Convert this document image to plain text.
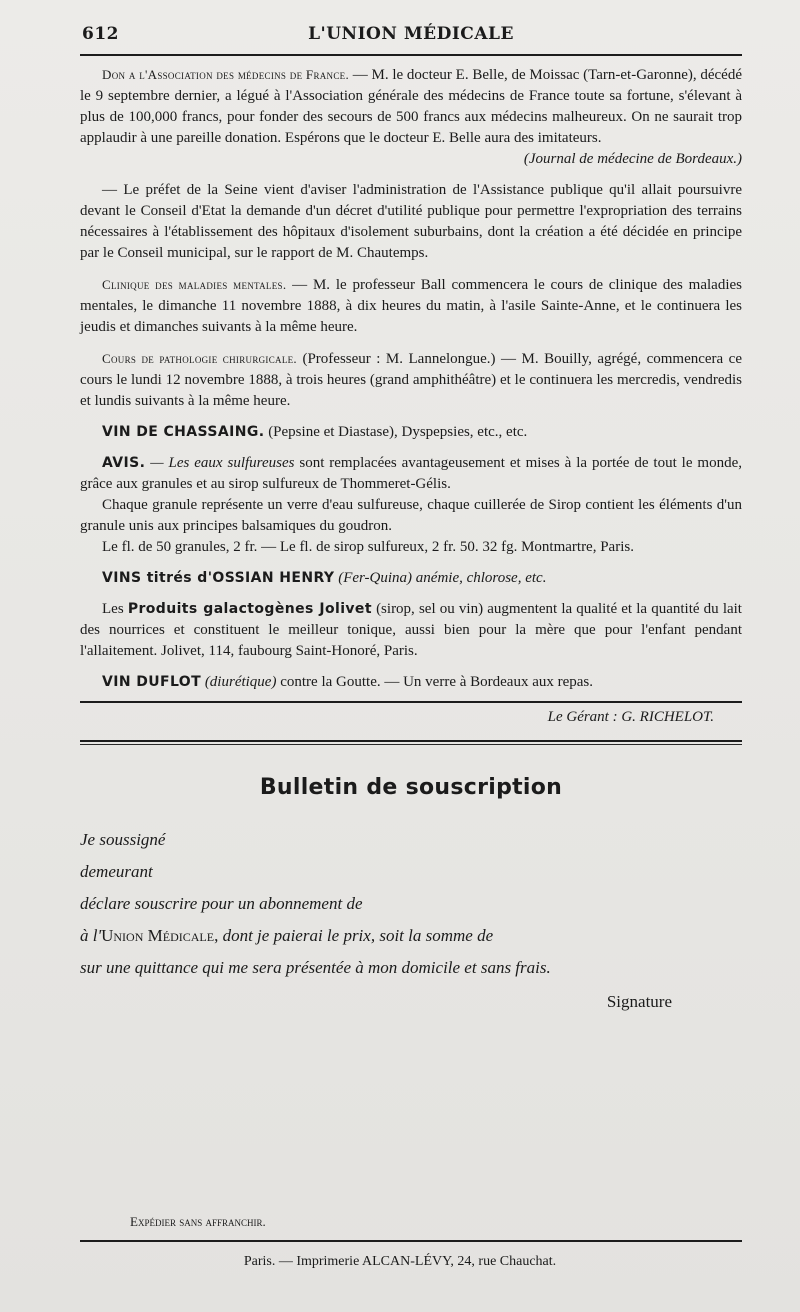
612	L'UNION MÉDICALE

Don a l'Association des médecins de France. — M. le docteur E. Belle, de Moissac (Tarn-et-Garonne), décédé le 9 septembre dernier, a légué à l'Association générale des médecins de France toute sa fortune, s'élevant à plus de 100,000 francs, pour fonder des secours de 500 francs aux médecins malheureux. On ne saurait trop applaudir à une pareille donation. Espérons que le docteur E. Belle aura des imitateurs.

(Journal de médecine de Bordeaux.)

— Le préfet de la Seine vient d'aviser l'administration de l'Assistance publique qu'il allait poursuivre devant le Conseil d'Etat la demande d'un décret d'utilité publique pour permettre l'expropriation des terrains nécessaires à l'établissement des hôpitaux d'isolement suburbains, dont la création a été décidée en principe par le Conseil municipal, sur le rapport de M. Chautemps.

Clinique des maladies mentales. — M. le professeur Ball commencera le cours de clinique des maladies mentales, le dimanche 11 novembre 1888, à dix heures du matin, à l'asile Sainte-Anne, et le continuera les jeudis et dimanches suivants à la même heure.

Cours de pathologie chirurgicale. (Professeur : M. Lannelongue.) — M. Bouilly, agrégé, commencera ce cours le lundi 12 novembre 1888, à trois heures (grand amphithéâtre) et le continuera les mercredis, vendredis et lundis suivants à la même heure.

VIN DE CHASSAING. (Pepsine et Diastase), Dyspepsies, etc., etc.

AVIS. — Les eaux sulfureuses sont remplacées avantageusement et mises à la portée de tout le monde, grâce aux granules et au sirop sulfureux de Thommeret-Gélis.

Chaque granule représente un verre d'eau sulfureuse, chaque cuillerée de Sirop contient les éléments d'un granule unis aux principes balsamiques du goudron.

Le fl. de 50 granules, 2 fr. — Le fl. de sirop sulfureux, 2 fr. 50. 32 fg. Montmartre, Paris.

VINS titrés d'OSSIAN HENRY (Fer-Quina) anémie, chlorose, etc.

Les Produits galactogènes Jolivet (sirop, sel ou vin) augmentent la qualité et la quantité du lait des nourrices et constituent le meilleur tonique, aussi bien pour la mère que pour l'enfant pendant l'allaitement. Jolivet, 114, faubourg Saint-Honoré, Paris.

VIN DUFLOT (diurétique) contre la Goutte. — Un verre à Bordeaux aux repas.

Le Gérant : G. RICHELOT.

Bulletin de souscription
Je soussigné
demeurant
déclare souscrire pour un abonnement de
à l'Union Médicale, dont je paierai le prix, soit la somme de
sur une quittance qui me sera présentée à mon domicile et sans frais.
Signature
Expédier sans affranchir.
Paris. — Imprimerie ALCAN-LÉVY, 24, rue Chauchat.
